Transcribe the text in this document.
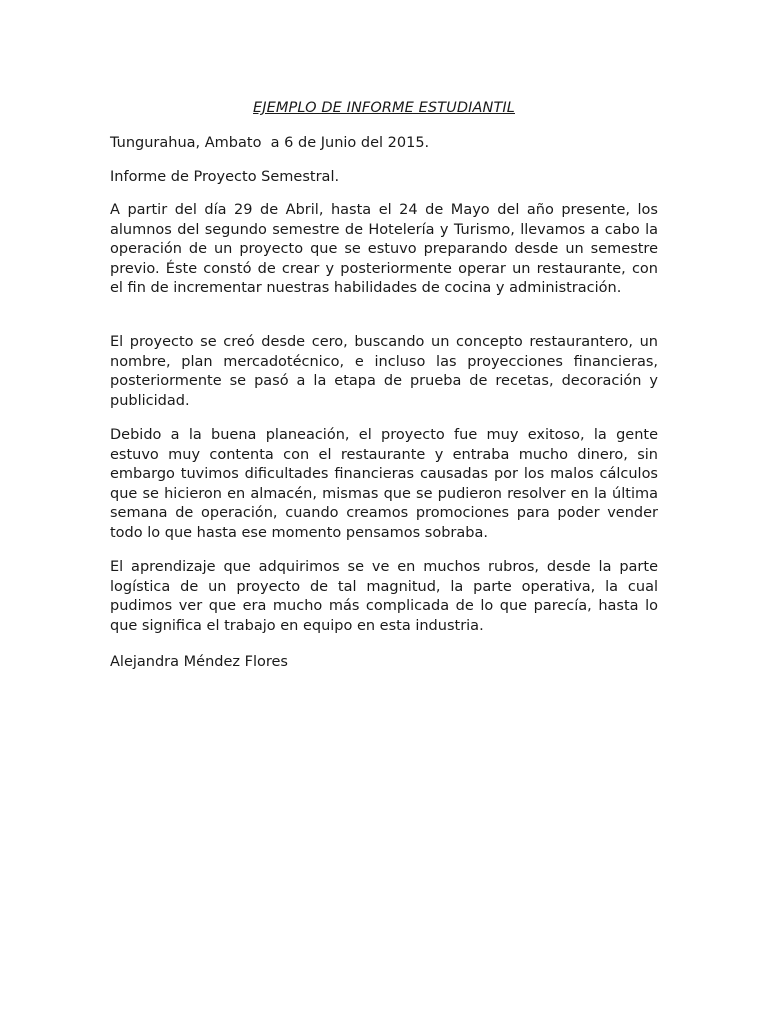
EJEMPLO DE INFORME ESTUDIANTIL

Tungurahua, Ambato  a 6 de Junio del 2015.

Informe de Proyecto Semestral.

A partir del día 29 de Abril, hasta el 24 de Mayo del año presente, los alumnos del segundo semestre de Hotelería y Turismo, llevamos a cabo la operación de un proyecto que se estuvo preparando desde un semestre previo. Éste constó de crear y posteriormente operar un restaurante, con el fin de incrementar nuestras habilidades de cocina y administración.

El proyecto se creó desde cero, buscando un concepto restaurantero, un nombre, plan mercadotécnico, e incluso las proyecciones financieras, posteriormente se pasó a la etapa de prueba de recetas, decoración y publicidad.

Debido a la buena planeación, el proyecto fue muy exitoso, la gente estuvo muy contenta con el restaurante y entraba mucho dinero, sin embargo tuvimos dificultades financieras causadas por los malos cálculos que se hicieron en almacén, mismas que se pudieron resolver en la última semana de operación, cuando creamos promociones para poder vender todo lo que hasta ese momento pensamos sobraba.

El aprendizaje que adquirimos se ve en muchos rubros, desde la parte logística de un proyecto de tal magnitud, la parte operativa, la cual pudimos ver que era mucho más complicada de lo que parecía, hasta lo que significa el trabajo en equipo en esta industria.

Alejandra Méndez Flores
